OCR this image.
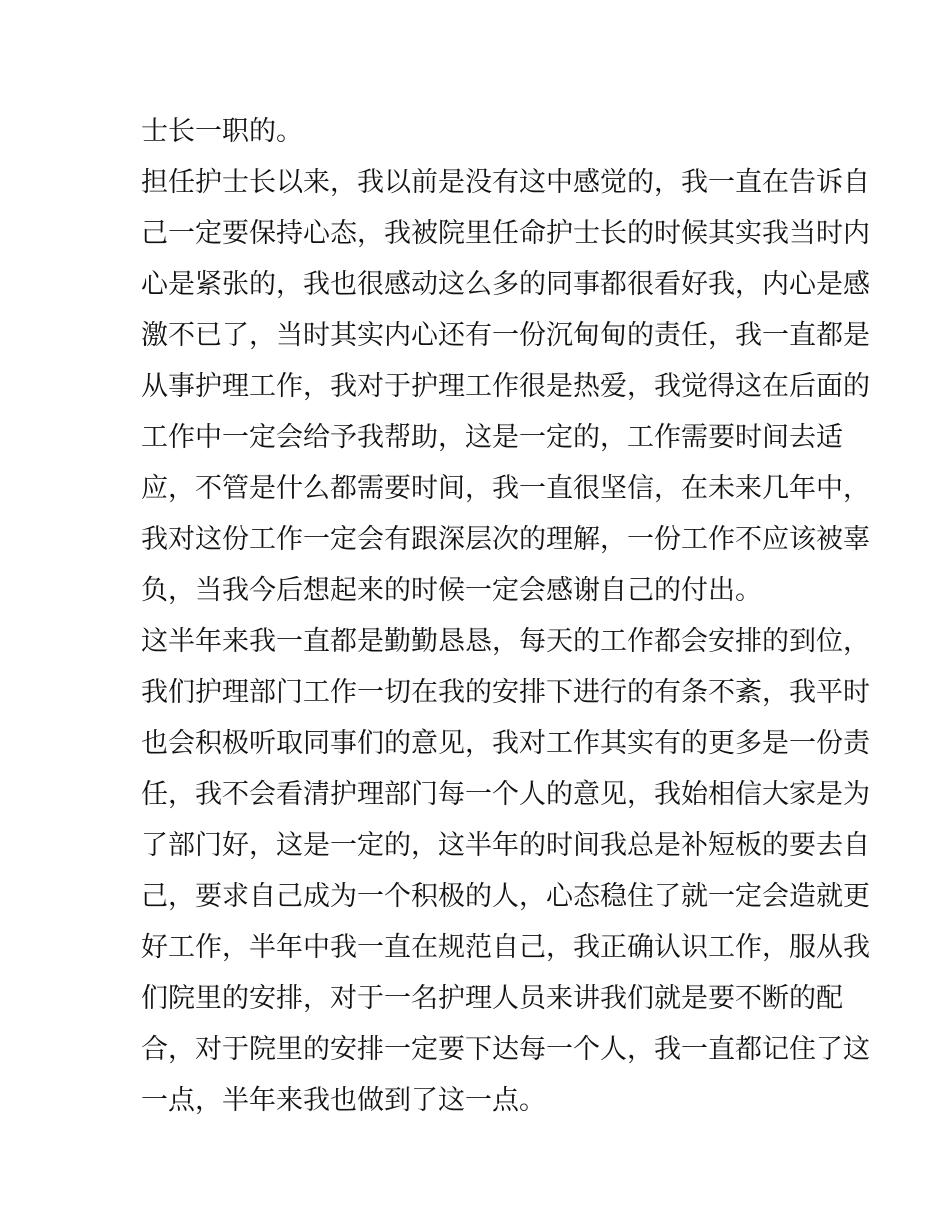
士长一职的。
担任护士长以来，我以前是没有这中感觉的，我一直在告诉自
己一定要保持心态，我被院里任命护士长的时候其实我当时内
心是紧张的，我也很感动这么多的同事都很看好我，内心是感
激不已了，当时其实内心还有一份沉甸甸的责任，我一直都是
从事护理工作，我对于护理工作很是热爱，我觉得这在后面的
工作中一定会给予我帮助，这是一定的，工作需要时间去适
应，不管是什么都需要时间，我一直很坚信，在未来几年中，
我对这份工作一定会有跟深层次的理解，一份工作不应该被辜
负，当我今后想起来的时候一定会感谢自己的付出。
这半年来我一直都是勤勤恳恳，每天的工作都会安排的到位，
我们护理部门工作一切在我的安排下进行的有条不紊，我平时
也会积极听取同事们的意见，我对工作其实有的更多是一份责
任，我不会看清护理部门每一个人的意见，我始相信大家是为
了部门好，这是一定的，这半年的时间我总是补短板的要去自
己，要求自己成为一个积极的人，心态稳住了就一定会造就更
好工作，半年中我一直在规范自己，我正确认识工作，服从我
们院里的安排，对于一名护理人员来讲我们就是要不断的配
合，对于院里的安排一定要下达每一个人，我一直都记住了这
一点，半年来我也做到了这一点。
